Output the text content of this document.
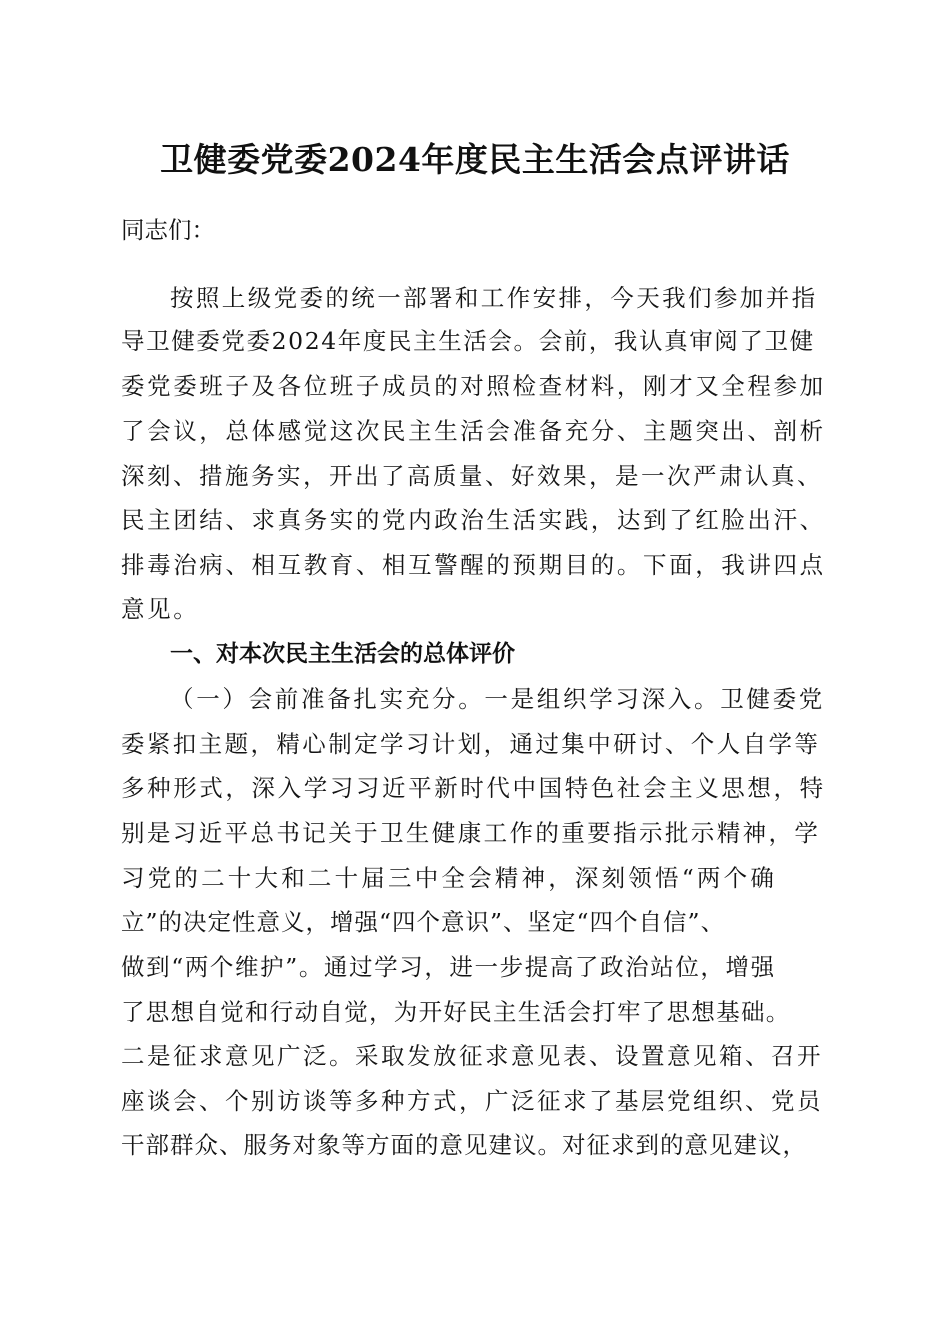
卫健委党委2024年度民主生活会点评讲话

同志们：

按照上级党委的统一部署和工作安排，今天我们参加并指

导卫健委党委2024年度民主生活会。会前，我认真审阅了卫健

委党委班子及各位班子成员的对照检查材料，刚才又全程参加

了会议，总体感觉这次民主生活会准备充分、主题突出、剖析

深刻、措施务实，开出了高质量、好效果，是一次严肃认真、

民主团结、求真务实的党内政治生活实践，达到了红脸出汗、

排毒治病、相互教育、相互警醒的预期目的。下面，我讲四点

意见。

一、对本次民主生活会的总体评价

（一）会前准备扎实充分。一是组织学习深入。卫健委党

委紧扣主题，精心制定学习计划，通过集中研讨、个人自学等

多种形式，深入学习习近平新时代中国特色社会主义思想，特

别是习近平总书记关于卫生健康工作的重要指示批示精神，学

习党的二十大和二十届三中全会精神，深刻领悟“两个确

立”的决定性意义，增强“四个意识”、坚定“四个自信”、

做到“两个维护”。通过学习，进一步提高了政治站位，增强

了思想自觉和行动自觉，为开好民主生活会打牢了思想基础。

二是征求意见广泛。采取发放征求意见表、设置意见箱、召开

座谈会、个别访谈等多种方式，广泛征求了基层党组织、党员

干部群众、服务对象等方面的意见建议。对征求到的意见建议，
